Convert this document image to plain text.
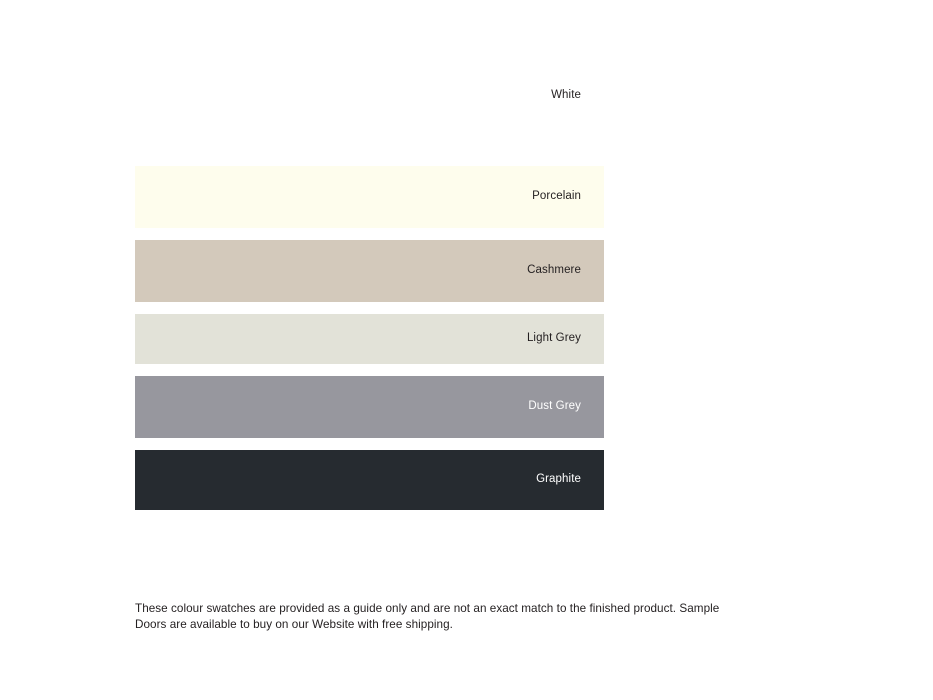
White
Porcelain
Cashmere
Light Grey
Dust Grey
Graphite
These colour swatches are provided as a guide only and are not an exact match to the finished product. Sample Doors are available to buy on our Website with free shipping.
